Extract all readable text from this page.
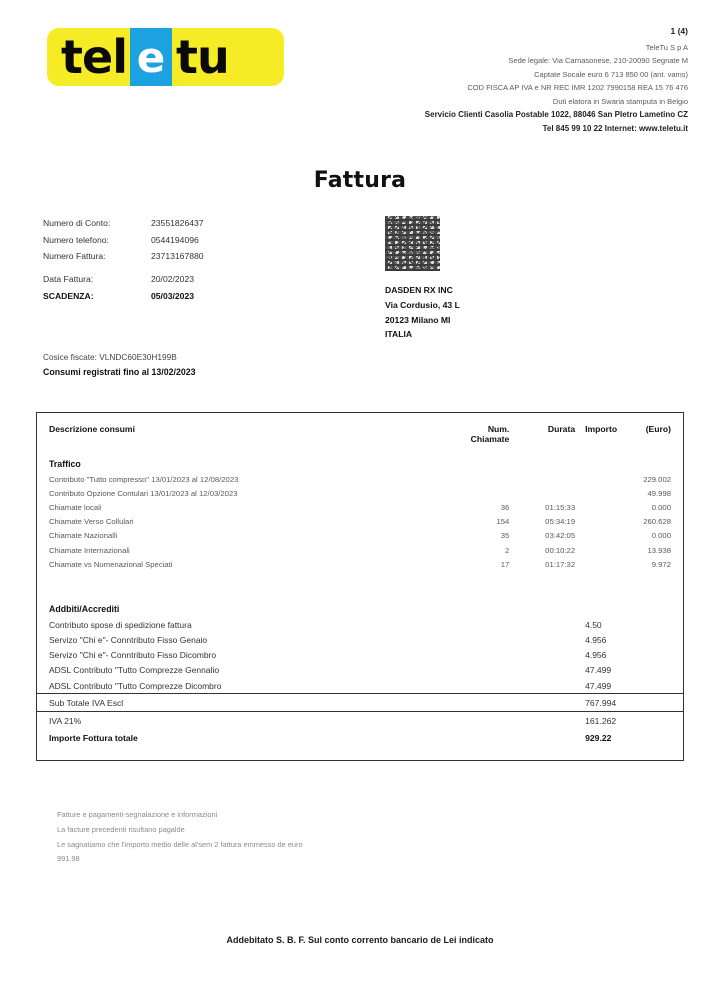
tel e tu	1 (4)
TeleTu S p A
Sede legale: Via Carnasonese, 210-20090 Segnate M
Captate Socale euro 6 713 850 00 (ant. vams)
COD FISCA AP IVA e NR REC IMR 1202 7990158 REA 15 76 476
Duti elatora in Swaria stamputa in Belgio
Servicio Clienti Casolia Postable 1022, 88046 San Pletro Lametino CZ
Tel 845 99 10 22 Internet: www.teletu.it
Fattura
Numero di Conto:	23551826437
Numero telefono:	0544194096
Numero Fattura:	23713167880
Data Fattura:	20/02/2023
SCADENZA:	05/03/2023
DASDEN RX INC
Via Cordusio, 43 L
20123 Milano MI
ITALIA
Cosice fiscate: VLNDC60E30H199B
Consumi registrati fino al 13/02/2023
Descrizione consumi	Num.	Durata	Importo	(Euro)
	Chiamate			
Traffico				
Contributo "Tutto compresso" 13/01/2023 al 12/08/2023				229.002
Contributo Opzione Contulari 13/01/2023 al 12/03/2023				49.998
Chiamate locali	36	01:15:33		0.000
Chiamate Verso Collulari	154	05:34:19		260.628
Chiamate Nazionalli	35	03:42:05		0.000
Chiamate Internazionali	2	00:10:22		13.938
Chiamate vs Numenazional Speciati	17	01:17:32		9.972

Addbiti/Accrediti				
Contributo spose di spedizione fattura			4.50	
Servizo "Chi e"- Conntributo Fisso Genaio			4.956	
Servizo "Chi e"- Conntributo Fisso Dicombro			4.956	
ADSL Contributo "Tutto Comprezze Gennalio			47.499	
ADSL Contributo "Tutto Comprezze Dicombro			47.499	
Sub Totale IVA Escl			767.994	
IVA 21%			161.262	
Importe Fottura totale			929.22	

Fatture e pagamenti-segnalazione e informazioni
La facture precedenti risultano pagalde
Le sagnatiamo che l'importo medio delle al'sem 2 fattura emmesso de euro
991.98
Addebitato S. B. F. Sul conto corrento bancario de Lei indicato
